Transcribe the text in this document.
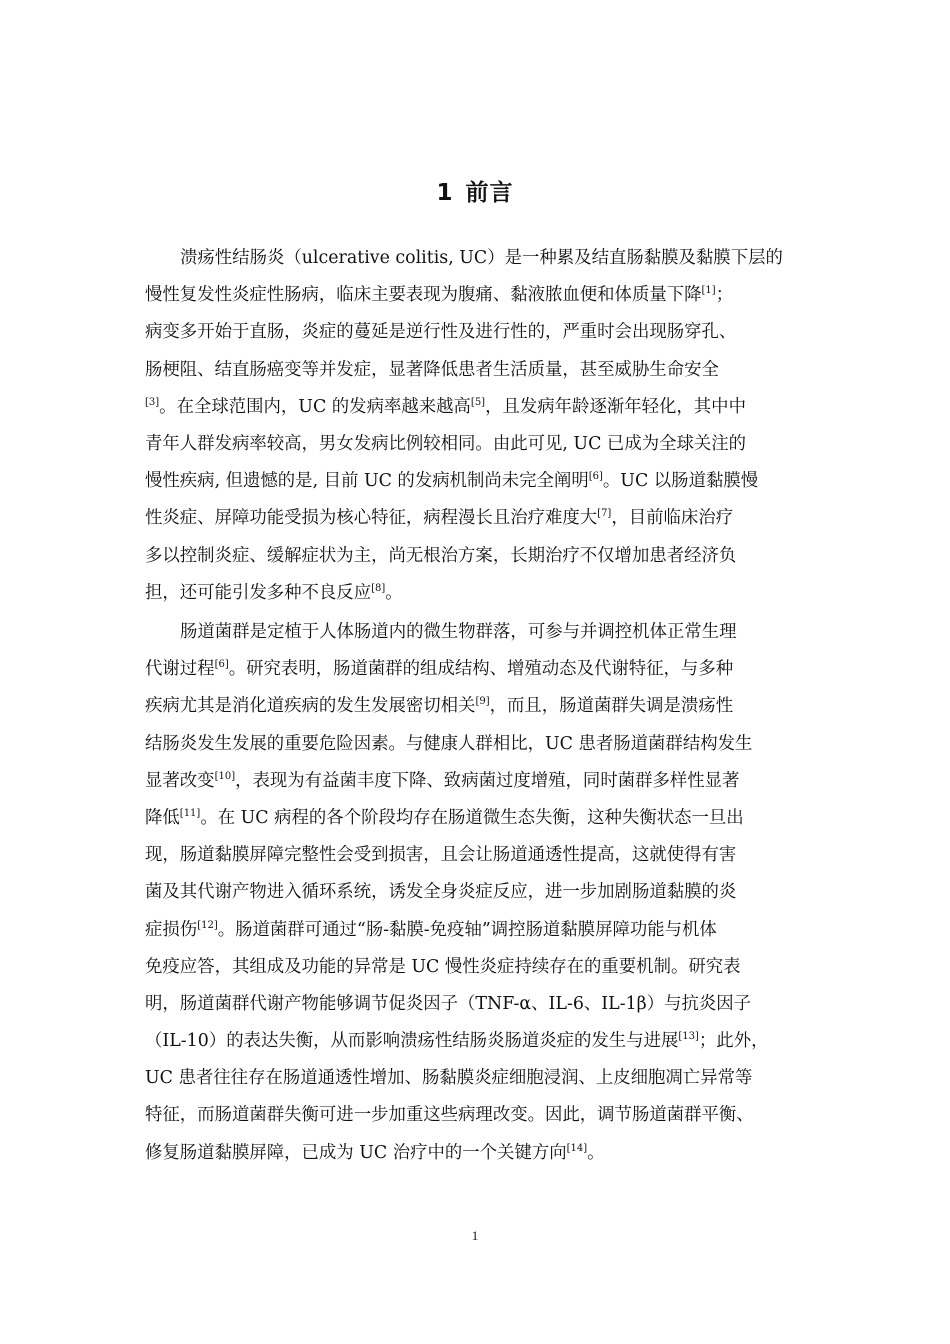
1 前言
溃疡性结肠炎（ulcerative colitis, UC）是一种累及结直肠黏膜及黏膜下层的
慢性复发性炎症性肠病，临床主要表现为腹痛、黏液脓血便和体质量下降[1]；
病变多开始于直肠，炎症的蔓延是逆行性及进行性的，严重时会出现肠穿孔、
肠梗阻、结直肠癌变等并发症，显著降低患者生活质量，甚至威胁生命安全
[3]。在全球范围内，UC 的发病率越来越高[5]，且发病年龄逐渐年轻化，其中中
青年人群发病率较高，男女发病比例较相同。由此可见, UC 已成为全球关注的
慢性疾病, 但遗憾的是, 目前 UC 的发病机制尚未完全阐明[6]。UC 以肠道黏膜慢
性炎症、屏障功能受损为核心特征，病程漫长且治疗难度大[7]，目前临床治疗
多以控制炎症、缓解症状为主，尚无根治方案，长期治疗不仅增加患者经济负
担，还可能引发多种不良反应[8]。
肠道菌群是定植于人体肠道内的微生物群落，可参与并调控机体正常生理
代谢过程[6]。研究表明，肠道菌群的组成结构、增殖动态及代谢特征，与多种
疾病尤其是消化道疾病的发生发展密切相关[9]，而且，肠道菌群失调是溃疡性
结肠炎发生发展的重要危险因素。与健康人群相比，UC 患者肠道菌群结构发生
显著改变[10]，表现为有益菌丰度下降、致病菌过度增殖，同时菌群多样性显著
降低[11]。在 UC 病程的各个阶段均存在肠道微生态失衡，这种失衡状态一旦出
现，肠道黏膜屏障完整性会受到损害，且会让肠道通透性提高，这就使得有害
菌及其代谢产物进入循环系统，诱发全身炎症反应，进一步加剧肠道黏膜的炎
症损伤[12]。肠道菌群可通过“肠-黏膜-免疫轴”调控肠道黏膜屏障功能与机体
免疫应答，其组成及功能的异常是 UC 慢性炎症持续存在的重要机制。研究表
明，肠道菌群代谢产物能够调节促炎因子（TNF-α、IL-6、IL-1β）与抗炎因子
（IL-10）的表达失衡，从而影响溃疡性结肠炎肠道炎症的发生与进展[13]；此外，
UC 患者往往存在肠道通透性增加、肠黏膜炎症细胞浸润、上皮细胞凋亡异常等
特征，而肠道菌群失衡可进一步加重这些病理改变。因此，调节肠道菌群平衡、
修复肠道黏膜屏障，已成为 UC 治疗中的一个关键方向[14]。
1
